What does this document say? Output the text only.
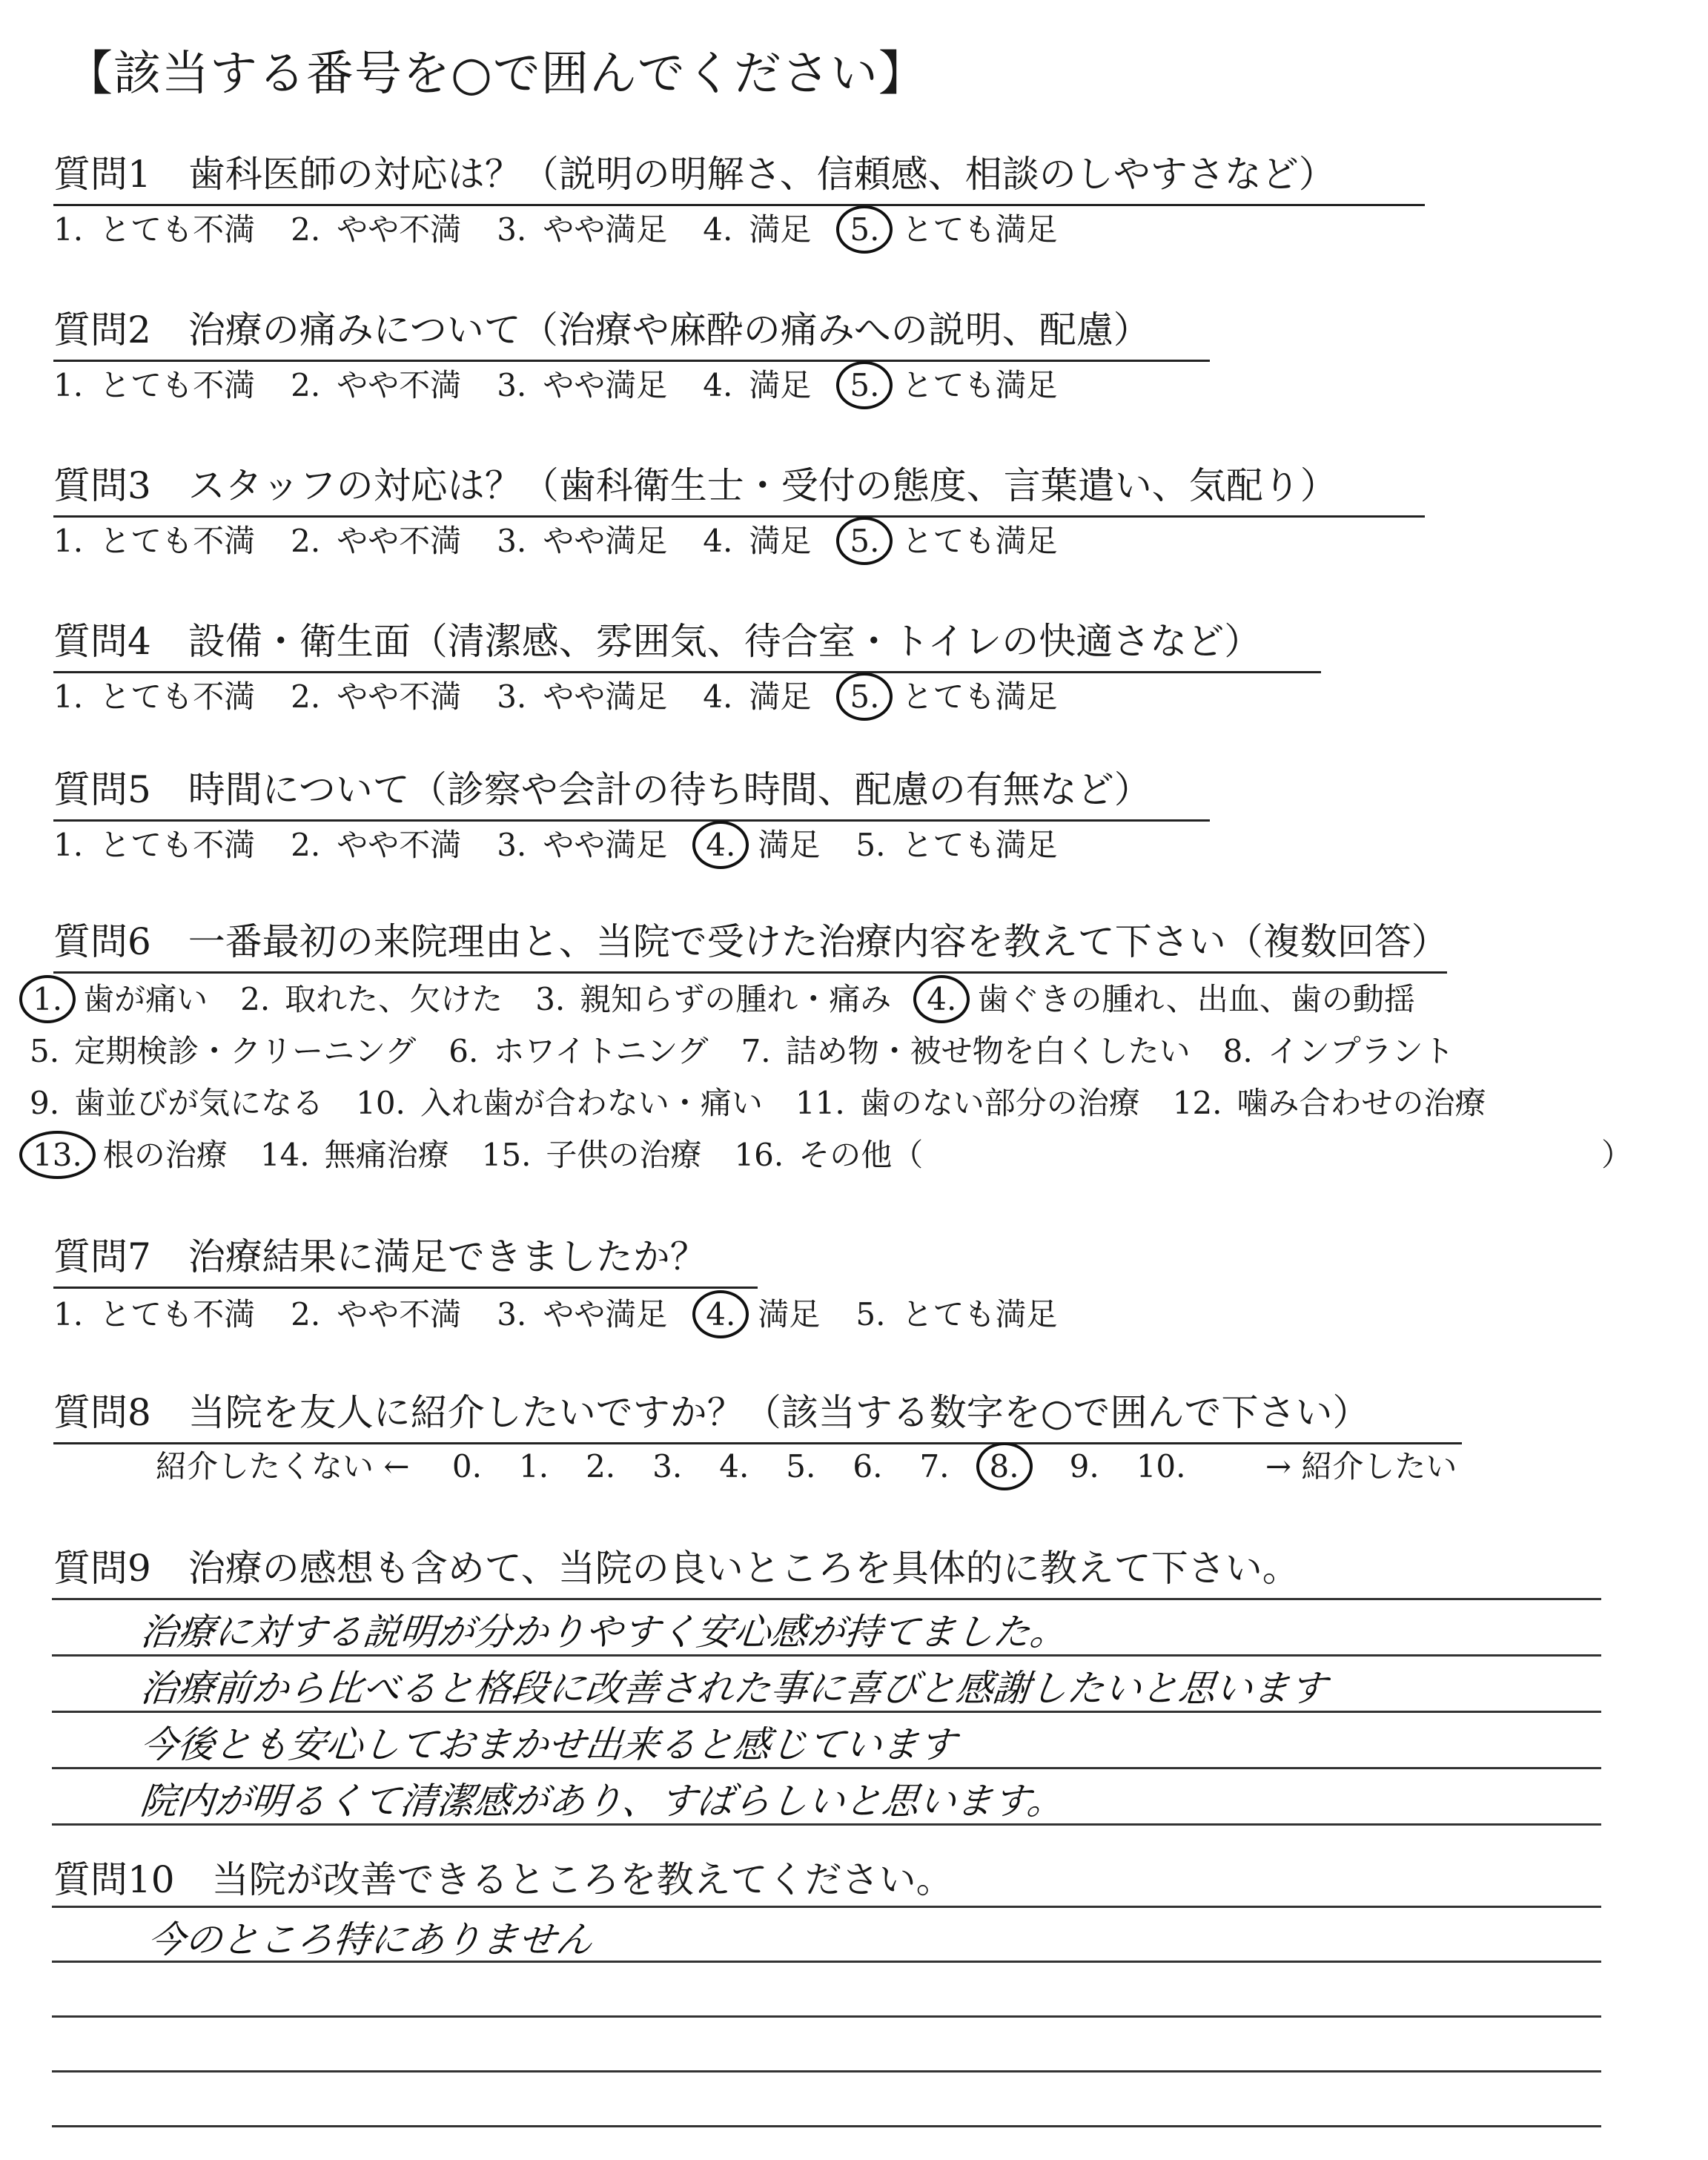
【該当する番号を○で囲んでください】
質問1　歯科医師の対応は？（説明の明解さ、信頼感、相談のしやすさなど）
1. とても不満 2. やや不満 3. やや満足 4. 満足 5. とても満足
質問2　治療の痛みについて（治療や麻酔の痛みへの説明、配慮）
1. とても不満 2. やや不満 3. やや満足 4. 満足 5. とても満足
質問3　スタッフの対応は？（歯科衛生士・受付の態度、言葉遣い、気配り）
1. とても不満 2. やや不満 3. やや満足 4. 満足 5. とても満足
質問4　設備・衛生面（清潔感、雰囲気、待合室・トイレの快適さなど）
1. とても不満 2. やや不満 3. やや満足 4. 満足 5. とても満足
質問5　時間について（診察や会計の待ち時間、配慮の有無など）
1. とても不満 2. やや不満 3. やや満足 4. 満足 5. とても満足
質問6　一番最初の来院理由と、当院で受けた治療内容を教えて下さい（複数回答）
1. 歯が痛い 2. 取れた、欠けた 3. 親知らずの腫れ・痛み 4. 歯ぐきの腫れ、出血、歯の動揺
5. 定期検診・クリーニング 6. ホワイトニング 7. 詰め物・被せ物を白くしたい 8. インプラント
9. 歯並びが気になる 10. 入れ歯が合わない・痛い 11. 歯のない部分の治療 12. 噛み合わせの治療
13. 根の治療 14. 無痛治療 15. 子供の治療 16. その他（	）
質問7　治療結果に満足できましたか？
1. とても不満 2. やや不満 3. やや満足 4. 満足 5. とても満足
質問8　当院を友人に紹介したいですか？（該当する数字を○で囲んで下さい）
紹介したくない ← 0. 1. 2. 3. 4. 5. 6. 7. 8. 9. 10.	→ 紹介したい
質問9　治療の感想も含めて、当院の良いところを具体的に教えて下さい。
治療に対する説明が分かりやすく安心感が持てました。
治療前から比べると格段に改善された事に喜びと感謝したいと思います
今後とも安心しておまかせ出来ると感じています
院内が明るくて清潔感があり、すばらしいと思います。
質問10　当院が改善できるところを教えてください。
今のところ特にありません
